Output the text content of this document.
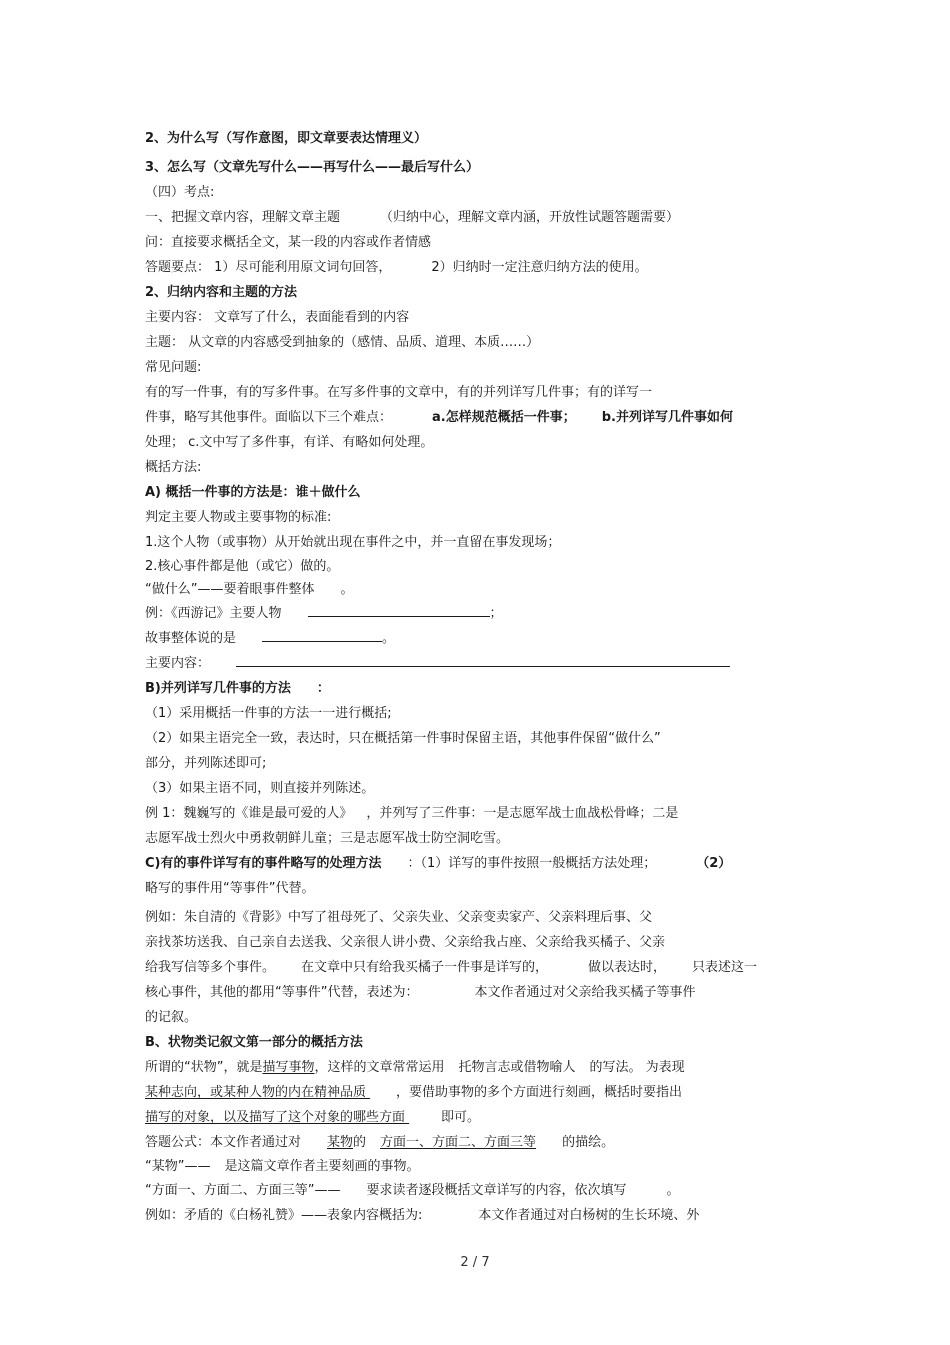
2、为什么写（写作意图，即文章要表达情理义）
3、怎么写（文章先写什么——再写什么——最后写什么）
（四）考点:
一、把握文章内容，理解文章主题	（归纳中心，理解文章内涵，开放性试题答题需要）
问：直接要求概括全文，某一段的内容或作者情感
答题要点： 1）尽可能利用原文词句回答，	2）归纳时一定注意归纳方法的使用。
2、归纳内容和主题的方法
主要内容： 文章写了什么，表面能看到的内容
主题： 从文章的内容感受到抽象的（感情、品质、道理、本质……）
常见问题:
有的写一件事，有的写多件事。在写多件事的文章中，有的并列详写几件事；有的详写一
件事，略写其他事件。面临以下三个难点：	a.怎样规范概括一件事； b.并列详写几件事如何
处理； c.文中写了多件事，有详、有略如何处理。
概括方法:
A) 概括一件事的方法是：谁＋做什么
判定主要人物或主要事物的标准:
1.这个人物（或事物）从开始就出现在事件之中，并一直留在事发现场；
2.核心事件都是他（或它）做的。
“做什么”——要着眼事件整体 。
例：《西游记》主要人物	；
故事整体说的是	。
主要内容：
B)并列详写几件事的方法 ：
（1）采用概括一件事的方法一一进行概括;
（2）如果主语完全一致，表达时，只在概括第一件事时保留主语，其他事件保留“做什么”
部分，并列陈述即可;
（3）如果主语不同，则直接并列陈述。
例 1：魏巍写的《谁是最可爱的人》 ，并列写了三件事：一是志愿军战士血战松骨峰；二是
志愿军战士烈火中勇救朝鲜儿童；三是志愿军战士防空洞吃雪。
C)有的事件详写有的事件略写的处理方法 ：（1）详写的事件按照一般概括方法处理；	（2）
略写的事件用“等事件”代替。
例如：朱自清的《背影》中写了祖母死了、父亲失业、父亲变卖家产、父亲料理后事、父
亲找茶坊送我、自己亲自去送我、父亲很人讲小费、父亲给我占座、父亲给我买橘子、父亲
给我写信等多个事件。 在文章中只有给我买橘子一件事是详写的，	做以表达时， 只表述这一
核心事件，其他的都用“等事件”代替，表述为：	本文作者通过对父亲给我买橘子等事件
的记叙。
B、状物类记叙文第一部分的概括方法
所谓的“状物”，就是描写事物，这样的文章常常运用 托物言志或借物喻人 的写法。 为表现
某种志向，或某种人物的内在精神品质 ，要借助事物的多个方面进行刻画，概括时要指出
描写的对象，以及描写了这个对象的哪些方面	即可。
答题公式：本文作者通过对 某物的 方面一、方面二、方面三等 的描绘。
“某物”—— 是这篇文章作者主要刻画的事物。
“方面一、方面二、方面三等”—— 要求读者逐段概括文章详写的内容，依次填写	。
例如：矛盾的《白杨礼赞》——表象内容概括为:	本文作者通过对白杨树的生长环境、外
2 / 7
